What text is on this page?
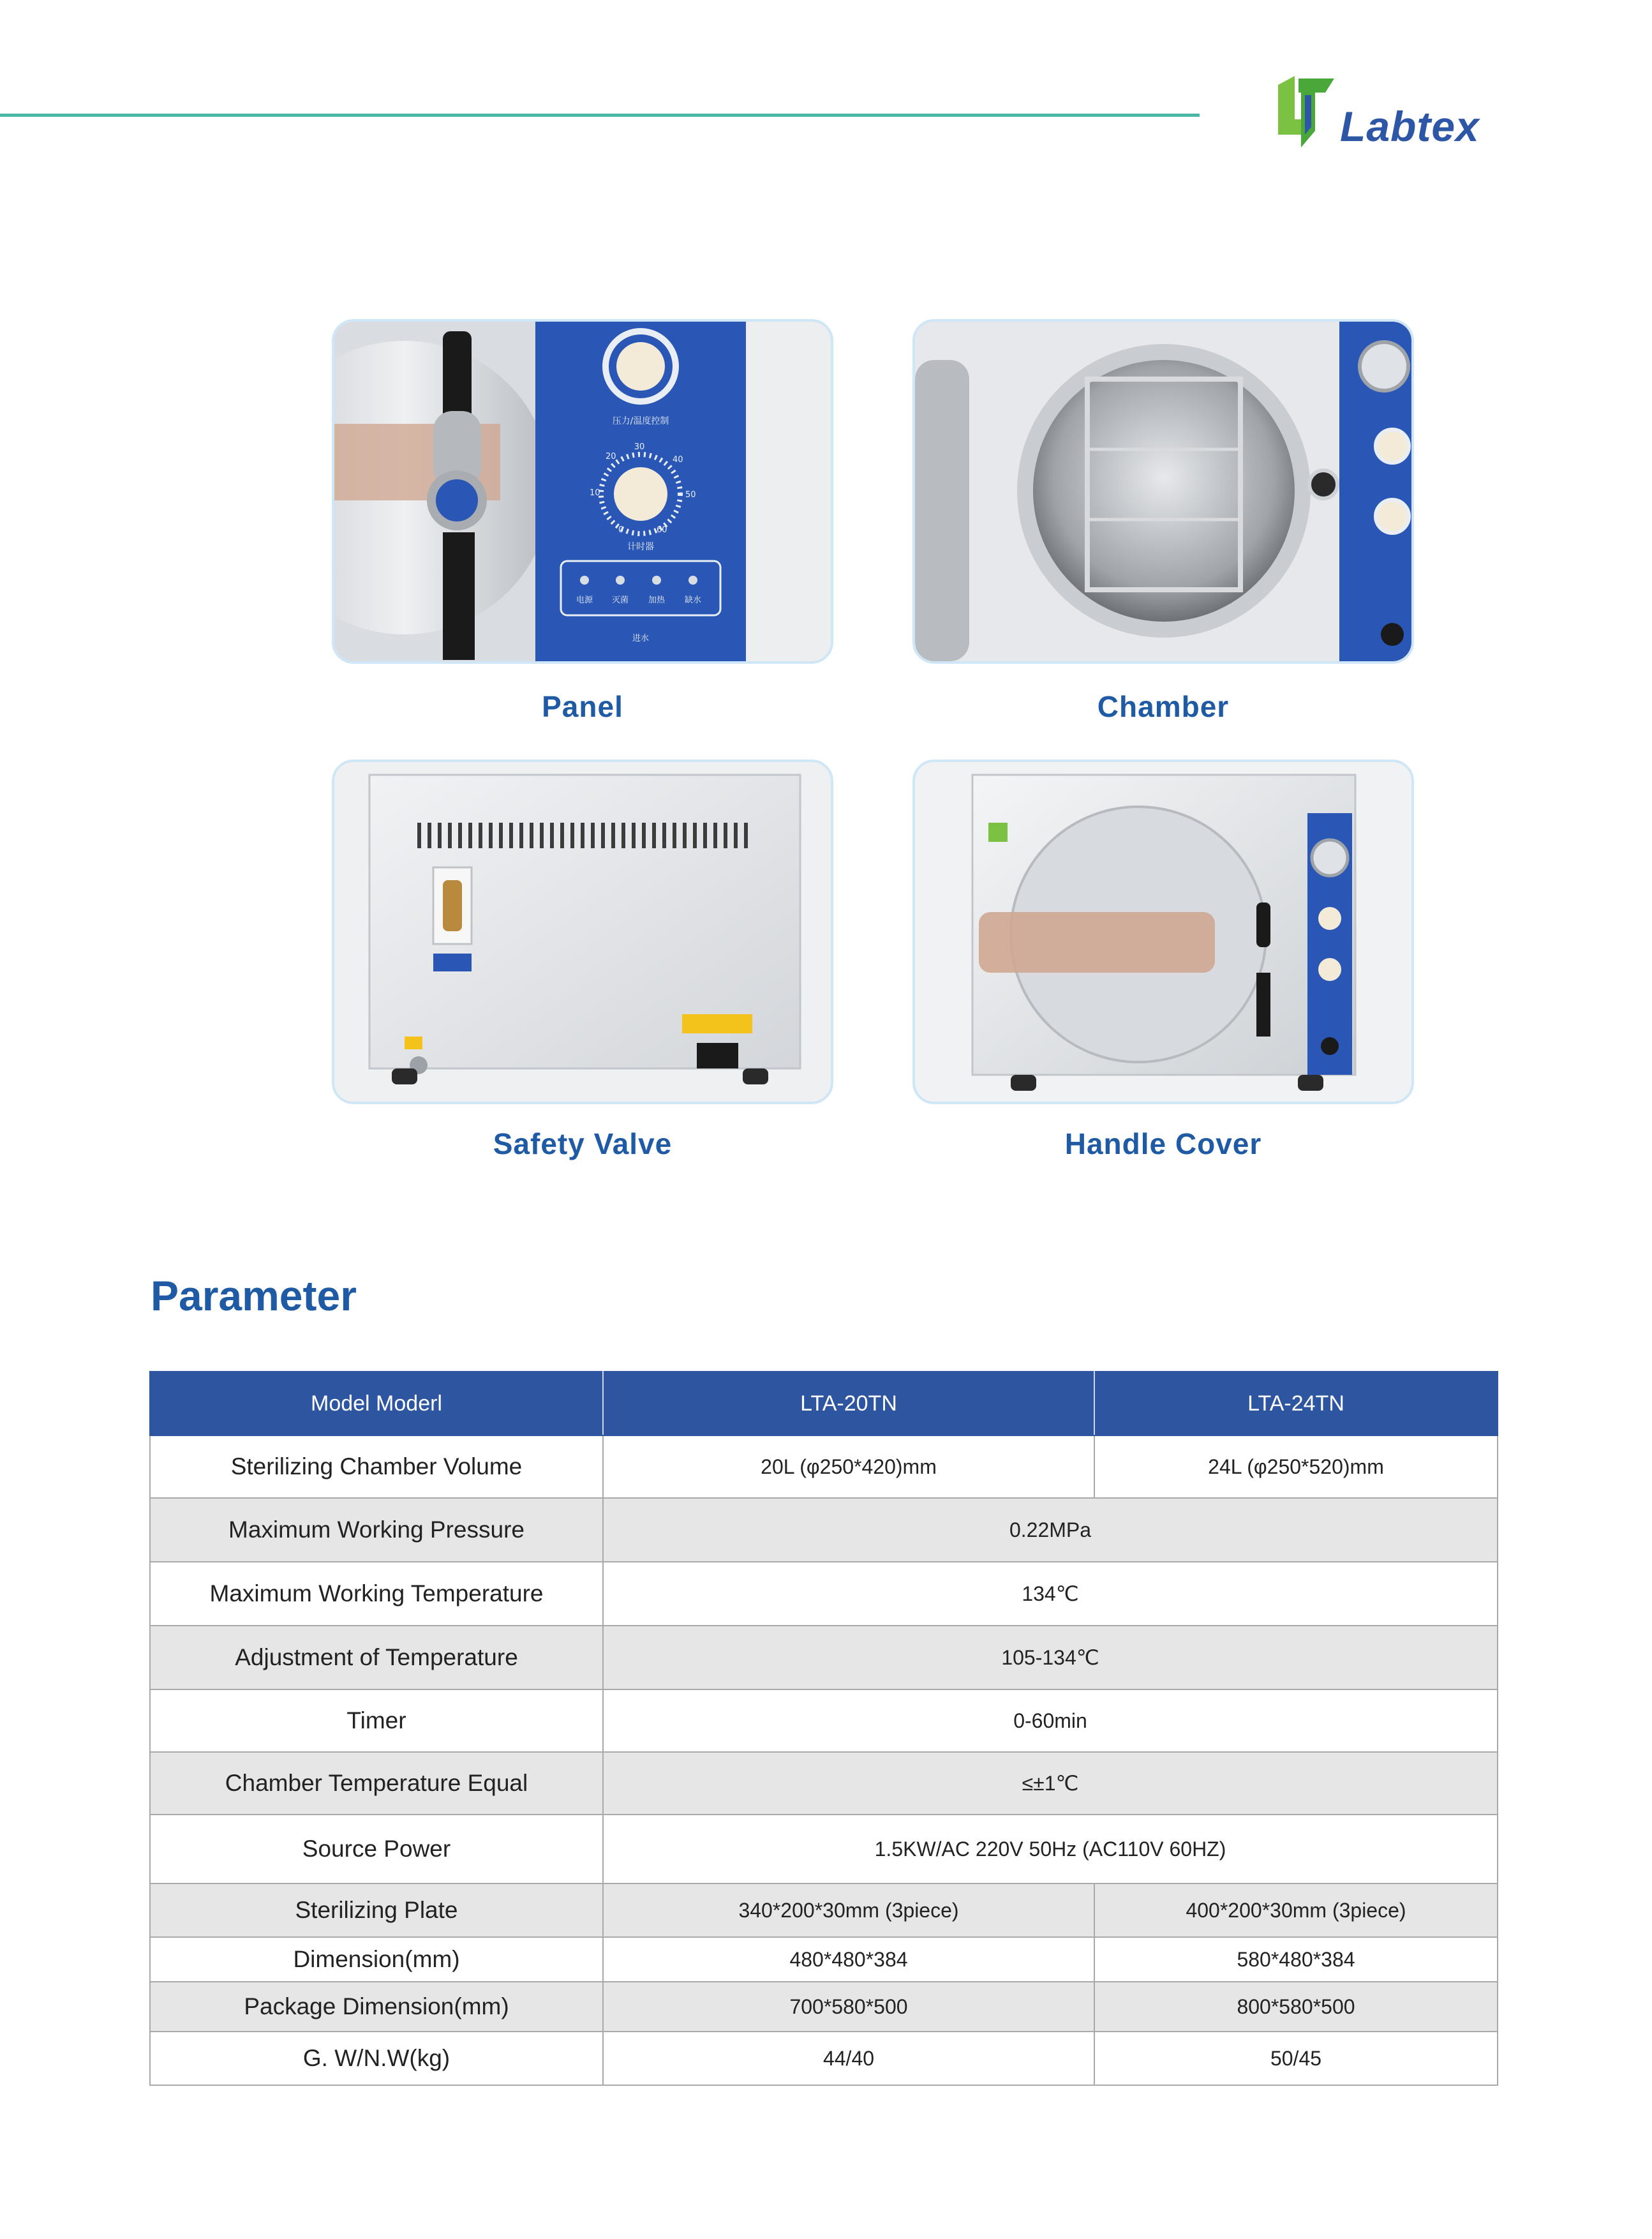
Labtex
压力/温度控制
30
20	40
10	50
0	60
计时器
电源 灭菌 加热 缺水
进水
Panel	Chamber
Safety Valve	Handle Cover
Parameter
Model Moderl	LTA-20TN	LTA-24TN
Sterilizing Chamber Volume	20L (φ250*420)mm	24L (φ250*520)mm
Maximum Working Pressure	0.22MPa	
Maximum Working Temperature	134℃	
Adjustment of Temperature	105-134℃	
Timer	0-60min	
Chamber Temperature Equal	≤±1℃	
Source Power	1.5KW/AC 220V 50Hz (AC110V 60HZ)	
Sterilizing Plate	340*200*30mm (3piece)	400*200*30mm (3piece)
Dimension(mm)	480*480*384	580*480*384
Package Dimension(mm)	700*580*500	800*580*500
G. W/N.W(kg)	44/40	50/45
